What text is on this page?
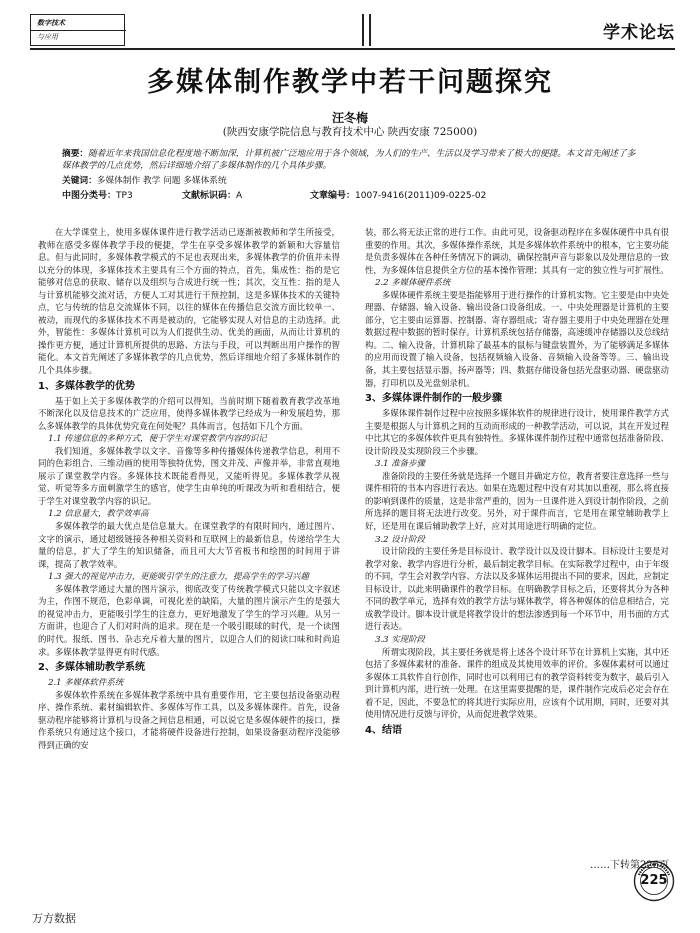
数字技术
与应用	学术论坛
多媒体制作教学中若干问题探究
汪冬梅
(陕西安康学院信息与教育技术中心 陕西安康 725000)
摘要：随着近年来我国信息化程度地不断加深，计算机被广泛地应用于各个领域，为人们的生产、生活以及学习带来了极大的便捷。本文首先阐述了多媒体教学的几点优势，然后详细地介绍了多媒体制作的几个具体步骤。
关键词：多媒体制作 教学 问题 多媒体系统
中图分类号：TP3	文献标识码：A	文章编号：1007-9416(2011)09-0225-02

在大学课堂上，使用多媒体课件进行教学活动已逐渐被教师和学生所接受，教师在感受多媒体教学手段的便捷，学生在享受多媒体教学的新颖和大容量信息。但与此同时，多媒体教学模式的不足也表现出来，多媒体教学的价值并未得以充分的体现，多媒体技术主要具有三个方面的特点，首先，集成性：指的是它能够对信息的获取、储存以及组织与合成进行统一性；其次，交互性：指的是人与计算机能够交流对话，方便人工对其进行干预控制，这是多媒体技术的关键特点，它与传统的信息交流媒体不同，以往的媒体在传播信息交流方面比较单一、被动，而现代的多媒体技术不再是被动的，它能够实现人对信息的主动选择。此外，智能性：多媒体计算机可以为人们提供生动、优美的画面，从而让计算机的操作更方便，通过计算机所提供的思路、方法与手段，可以判断出用户操作的智能化。本文首先阐述了多媒体教学的几点优势，然后详细地介绍了多媒体制作的几个具体步骤。

1、多媒体教学的优势

基于如上关于多媒体教学的介绍可以得知，当前时期下随着教育教学改革地不断深化以及信息技术的广泛应用，使得多媒体教学已经成为一种发展趋势，那么多媒体教学的具体优势究竟在何处呢？具体而言，包括如下几个方面。

1.1 传递信息的多种方式，便于学生对课堂教学内容的识记

我们知道，多媒体教学以文字、音像等多种传播媒体传递教学信息，利用不同的色彩组合、三维动画的使用等独特优势，图文并茂、声像并举，非常直观地展示了课堂教学内容。多媒体技术既能看得见，又能听得见。多媒体教学从视觉、听觉等多方面刺激学生的感官，使学生由单纯的听课改为听和看相结合，便于学生对课堂教学内容的识记。

1.2 信息量大，教学效率高

多媒体教学的最大优点是信息量大。在课堂教学的有限时间内，通过图片、文字的演示，通过超级链接各种相关资料和互联网上的最新信息，传递给学生大量的信息，扩大了学生的知识储备，而且可大大节省板书和绘图的时间用于讲课，提高了教学效率。

1.3 强大的视觉冲击力，更能吸引学生的注意力，提高学生的学习兴趣

多媒体教学通过大量的图片演示，彻底改变了传统教学模式只能以文字叙述为主，作图不规范，色彩单调，可视化差的缺陷，大量的图片演示产生的是强大的视觉冲击力，更能吸引学生的注意力，更好地激发了学生的学习兴趣。从另一方面讲，也迎合了人们对时尚的追求。现在是一个吸引眼球的时代，是一个读图的时代。报纸、图书、杂志充斥着大量的图片，以迎合人们的阅读口味和时尚追求。多媒体教学显得更有时代感。

2、多媒体辅助教学系统

2.1 多媒体软件系统

多媒体软件系统在多媒体教学系统中具有重要作用，它主要包括设备驱动程序、操作系统、素材编辑软件、多媒体写作工具，以及多媒体课件。首先，设备驱动程序能够将计算机与设备之间信息相通，可以说它是多媒体硬件的接口，操作系统只有通过这个接口，才能将硬件设备进行控制，如果设备驱动程序没能够得到正确的安

装，那么将无法正常的进行工作。由此可见，设备驱动程序在多媒体硬件中具有很重要的作用。其次，多媒体操作系统，其是多媒体软件系统中的根本，它主要功能是负责多媒体在各种任务情况下的调动，确保控制声音与影象以及处理信息的一致性，为多媒体信息提供全方位的基本操作管理；其具有一定的独立性与可扩展性。

2.2 多媒体硬件系统

多媒体硬件系统主要是指能够用于进行操作的计算机实物。它主要是由中央处理器、存储器、输入设备、输出设备口设备组成。一、中央处理器是计算机的主要部分，它主要由运算器、控制器、寄存器组成；寄存器主要用于中央处理器在处理数据过程中数据的暂时保存。计算机系统包括存储器，高速缓冲存储器以及总线结构。二、输入设备，计算机除了最基本的鼠标与键盘装置外，为了能够满足多媒体的应用而设置了输入设备，包括视频输入设备、音频输入设备等等。三、输出设备，其主要包括显示器，扬声器等；四、数据存储设备包括光盘驱动器、硬盘驱动器，打印机以及光盘刻录机。

3、多媒体课件制作的一般步骤

多媒体课件制作过程中应按照多媒体软件的规律进行设计，使用课件教学方式主要是根据人与计算机之间的互动而形成的一种教学活动，可以说，其在开发过程中比其它的多媒体软件更具有独特性。多媒体课件制作过程中通常包括准备阶段、设计阶段及实现阶段三个步骤。

3.1 准备步骤

准备阶段的主要任务就是选择一个题目并确定方位，教育者要注意选择一些与课件相符的书本内容进行表达。如果在选题过程中没有对其加以重视，那么将直接的影响到课件的质量，这是非常严重的，因为一旦课件进入到设计制作阶段，之前所选择的题目将无法进行改变。另外，对于课件而言，它是用在课堂辅助教学上好，还是用在课后辅助教学上好，应对其用途进行明确的定位。

3.2 设计阶段

设计阶段的主要任务是目标设计、教学设计以及设计脚本。目标设计主要是对教学对象、教学内容进行分析，最后制定教学目标。在实际教学过程中，由于年级的不同，学生会对教学内容、方法以及多媒体运用提出不同的要求，因此，应制定目标设计，以此来明确课件的教学目标。在明确教学目标之后，还要将其分为各种不同的教学单元，选择有效的教学方法与媒体教学，将各种媒体的信息相结合，完成教学设计。脚本设计就是将教学设计的想法渗透到每一个环节中，用书面的方式进行表达。

3.3 实现阶段

所谓实现阶段，其主要任务就是将上述各个设计环节在计算机上实施，其中还包括了多媒体素材的准备、课件的组成及其使用效率的评价。多媒体素材可以通过多媒体工具软件自行创作，同时也可以利用已有的教学资料转变为数字，最后引入到计算机内部，进行统一处理。在这里需要提醒的是，课件制作完成后必定会存在着不足，因此，不要急忙的将其进行实际应用，应该有个试用期，同时，还要对其使用情况进行反馈与评价，从而促进教学效果。

4、结语
……下转第226页
万方数据
225
